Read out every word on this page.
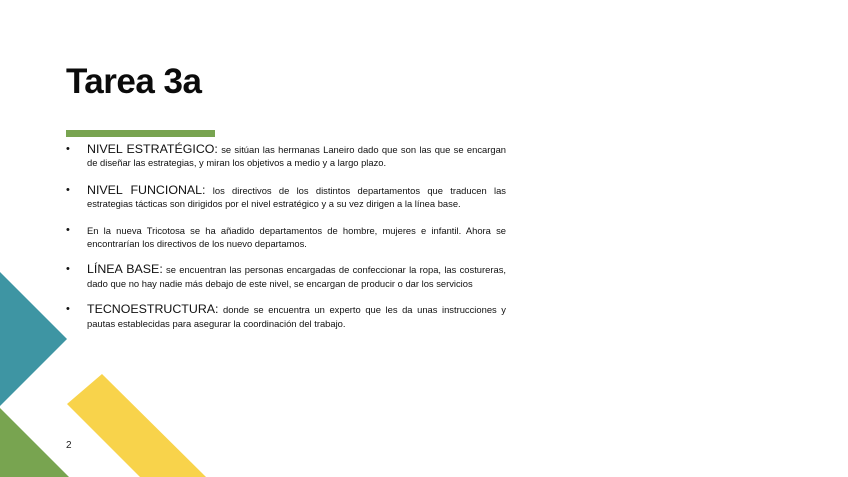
Tarea 3a
• NIVEL ESTRATÉGICO: se sitúan las hermanas Laneiro dado que son las que se encargan de diseñar las estrategias, y miran los objetivos a medio y a largo plazo.
• NIVEL FUNCIONAL: los directivos de los distintos departamentos que traducen las estrategias tácticas son dirigidos por el nivel estratégico y a su vez dirigen a la línea base.
• En la nueva Tricotosa se ha añadido departamentos de hombre, mujeres e infantil. Ahora se encontrarían los directivos de los nuevo departamos.
• LÍNEA BASE: se encuentran las personas encargadas de confeccionar la ropa, las costureras, dado que no hay nadie más debajo de este nivel, se encargan de producir o dar los servicios
• TECNOESTRUCTURA: donde se encuentra un experto que les da unas instrucciones y pautas establecidas para asegurar la coordinación del trabajo.
2
